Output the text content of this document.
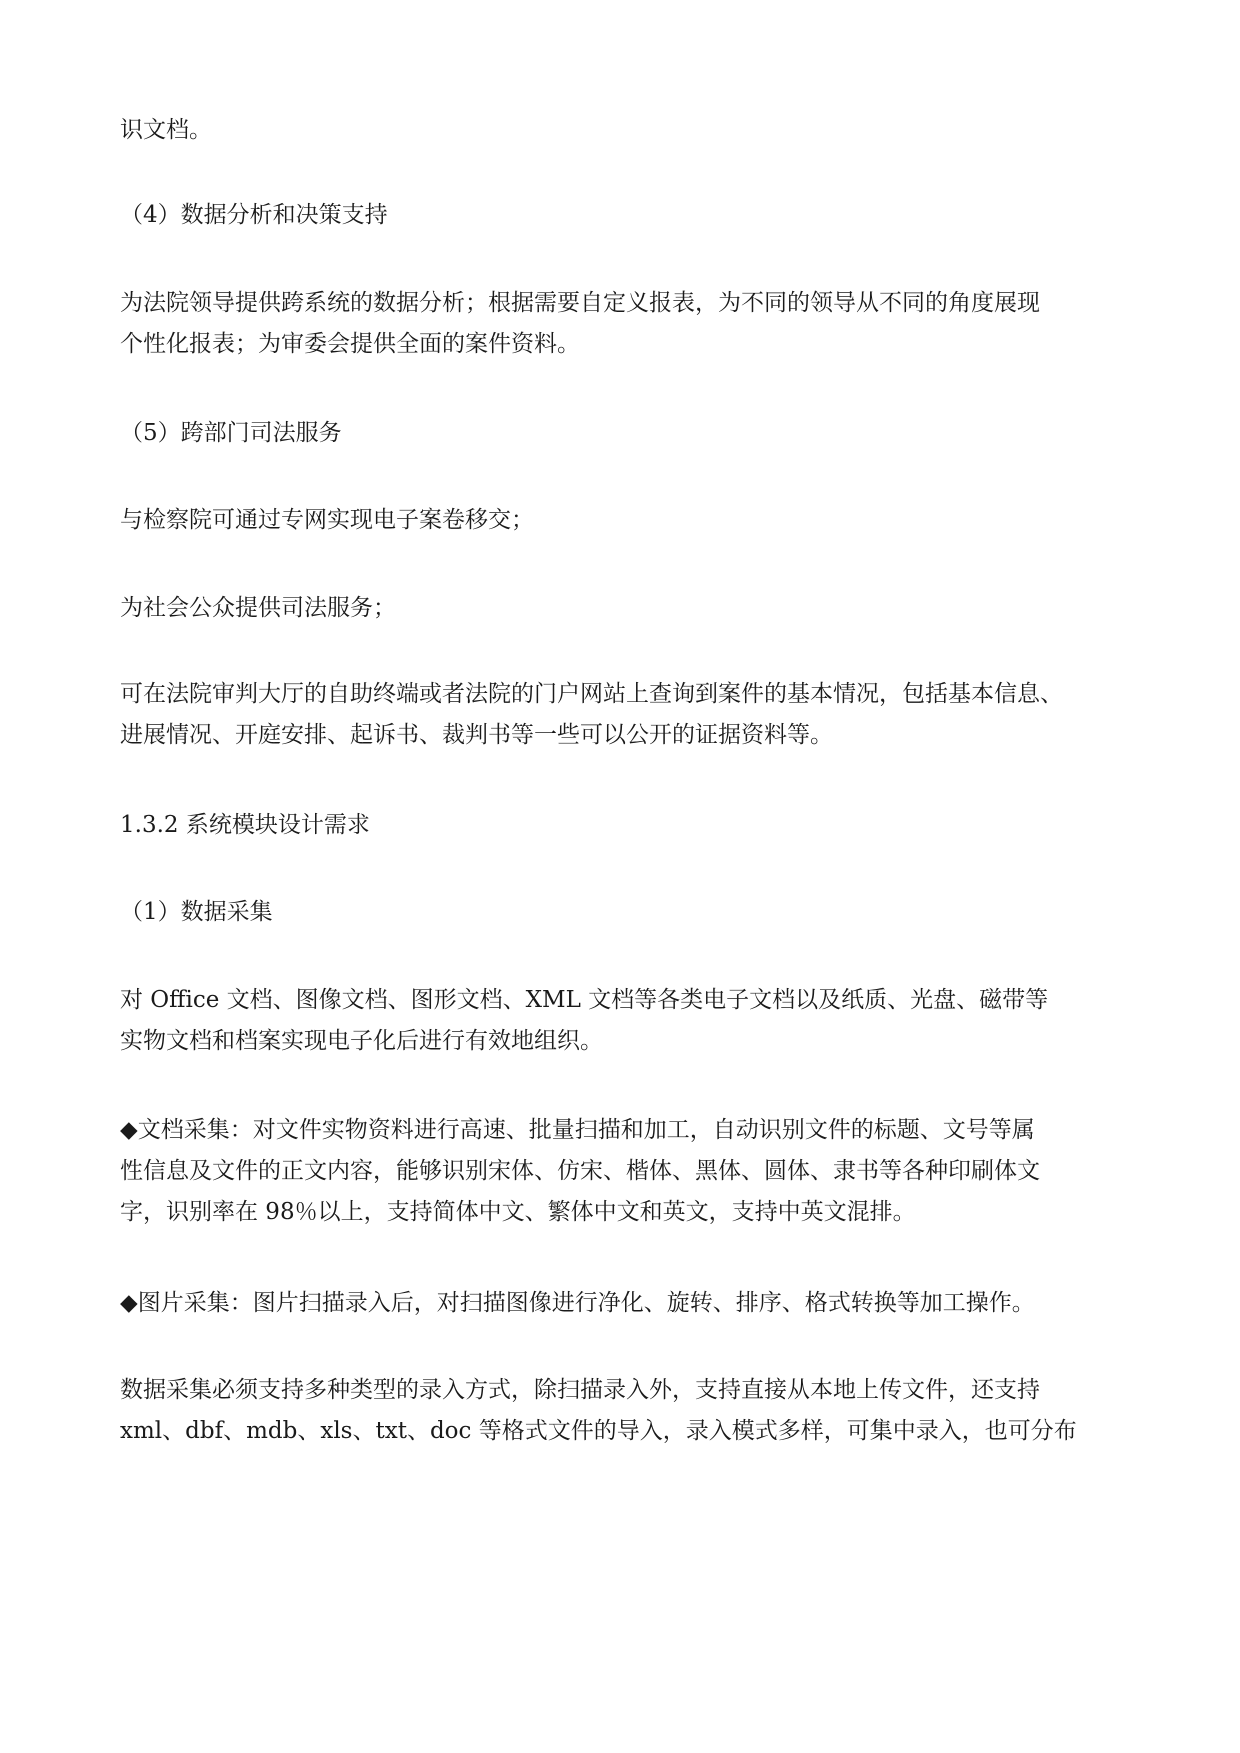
识文档。

（4）数据分析和决策支持

为法院领导提供跨系统的数据分析；根据需要自定义报表，为不同的领导从不同的角度展现
个性化报表；为审委会提供全面的案件资料。

（5）跨部门司法服务

与检察院可通过专网实现电子案卷移交；

为社会公众提供司法服务；

可在法院审判大厅的自助终端或者法院的门户网站上查询到案件的基本情况，包括基本信息、
进展情况、开庭安排、起诉书、裁判书等一些可以公开的证据资料等。

1.3.2 系统模块设计需求

（1）数据采集

对 Office 文档、图像文档、图形文档、XML 文档等各类电子文档以及纸质、光盘、磁带等
实物文档和档案实现电子化后进行有效地组织。

◆文档采集：对文件实物资料进行高速、批量扫描和加工，自动识别文件的标题、文号等属
性信息及文件的正文内容，能够识别宋体、仿宋、楷体、黑体、圆体、隶书等各种印刷体文
字，识别率在 98％以上，支持简体中文、繁体中文和英文，支持中英文混排。

◆图片采集：图片扫描录入后，对扫描图像进行净化、旋转、排序、格式转换等加工操作。

数据采集必须支持多种类型的录入方式，除扫描录入外，支持直接从本地上传文件，还支持
xml、dbf、mdb、xls、txt、doc 等格式文件的导入，录入模式多样，可集中录入，也可分布
